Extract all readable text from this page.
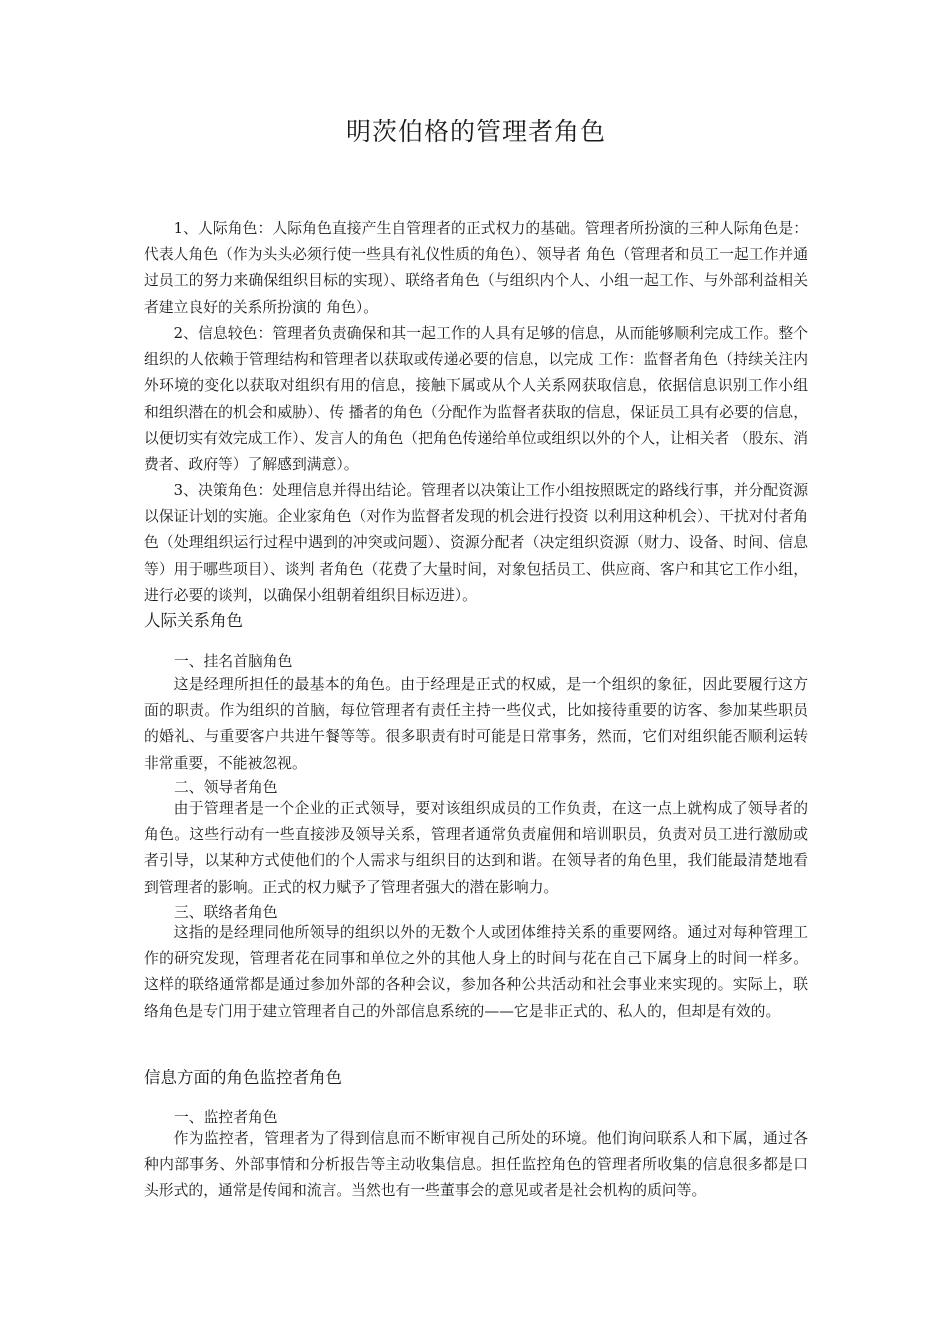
明茨伯格的管理者角色

1、人际角色：人际角色直接产生自管理者的正式权力的基础。管理者所扮演的三种人际角色是：代表人角色（作为头头必须行使一些具有礼仪性质的角色）、领导者 角色（管理者和员工一起工作并通过员工的努力来确保组织目标的实现）、联络者角色（与组织内个人、小组一起工作、与外部利益相关者建立良好的关系所扮演的 角色）。

2、信息较色：管理者负责确保和其一起工作的人具有足够的信息，从而能够顺利完成工作。整个组织的人依赖于管理结构和管理者以获取或传递必要的信息，以完成 工作：监督者角色（持续关注内外环境的变化以获取对组织有用的信息，接触下属或从个人关系网获取信息，依据信息识别工作小组和组织潜在的机会和威胁）、传 播者的角色（分配作为监督者获取的信息，保证员工具有必要的信息，以便切实有效完成工作）、发言人的角色（把角色传递给单位或组织以外的个人，让相关者 （股东、消费者、政府等）了解感到满意）。

3、决策角色：处理信息并得出结论。管理者以决策让工作小组按照既定的路线行事，并分配资源以保证计划的实施。企业家角色（对作为监督者发现的机会进行投资 以利用这种机会）、干扰对付者角色（处理组织运行过程中遇到的冲突或问题）、资源分配者（决定组织资源（财力、设备、时间、信息等）用于哪些项目）、谈判 者角色（花费了大量时间，对象包括员工、供应商、客户和其它工作小组，进行必要的谈判，以确保小组朝着组织目标迈进）。

人际关系角色
一、挂名首脑角色

这是经理所担任的最基本的角色。由于经理是正式的权威，是一个组织的象征，因此要履行这方面的职责。作为组织的首脑，每位管理者有责任主持一些仪式，比如接待重要的访客、参加某些职员的婚礼、与重要客户共进午餐等等。很多职责有时可能是日常事务，然而，它们对组织能否顺利运转非常重要，不能被忽视。

二、领导者角色

由于管理者是一个企业的正式领导，要对该组织成员的工作负责，在这一点上就构成了领导者的角色。这些行动有一些直接涉及领导关系，管理者通常负责雇佣和培训职员，负责对员工进行激励或者引导，以某种方式使他们的个人需求与组织目的达到和谐。在领导者的角色里，我们能最清楚地看到管理者的影响。正式的权力赋予了管理者强大的潜在影响力。

三、联络者角色

这指的是经理同他所领导的组织以外的无数个人或团体维持关系的重要网络。通过对每种管理工作的研究发现，管理者花在同事和单位之外的其他人身上的时间与花在自己下属身上的时间一样多。这样的联络通常都是通过参加外部的各种会议，参加各种公共活动和社会事业来实现的。实际上，联络角色是专门用于建立管理者自己的外部信息系统的——它是非正式的、私人的，但却是有效的。

信息方面的角色监控者角色
一、监控者角色

作为监控者，管理者为了得到信息而不断审视自己所处的环境。他们询问联系人和下属，通过各种内部事务、外部事情和分析报告等主动收集信息。担任监控角色的管理者所收集的信息很多都是口头形式的，通常是传闻和流言。当然也有一些董事会的意见或者是社会机构的质问等。
